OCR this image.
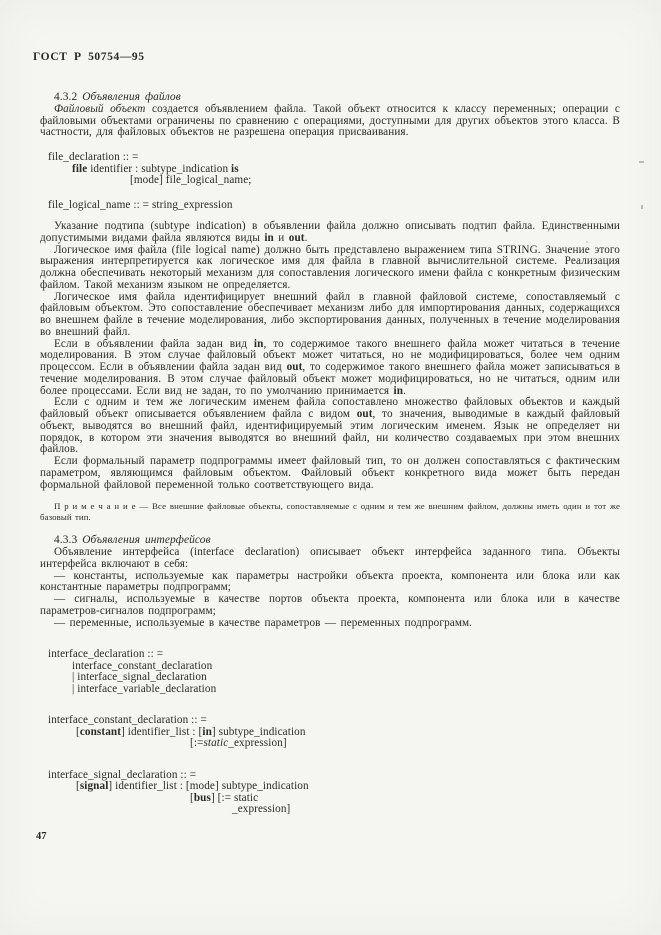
ГОСТ Р 50754—95

4.3.2 Объявления файлов

Файловый объект создается объявлением файла. Такой объект относится к классу переменных; операции с файловыми объектами ограничены по сравнению с операциями, доступными для других объектов этого класса. В частности, для файловых объектов не разрешена операция присваивания.

file_declaration :: =
file identifier : subtype_indication is
[mode] file_logical_name;
file_logical_name :: = string_expression

Указание подтипа (subtype indication) в объявлении файла должно описывать подтип файла. Единственными допустимыми видами файла являются виды in и out.

Логическое имя файла (file logical name) должно быть представлено выражением типа STRING. Значение этого выражения интерпретируется как логическое имя для файла в главной вычислительной системе. Реализация должна обеспечивать некоторый механизм для сопоставления логического имени файла с конкретным физическим файлом. Такой механизм языком не определяется.

Логическое имя файла идентифицирует внешний файл в главной файловой системе, сопоставляемый с файловым объектом. Это сопоставление обеспечивает механизм либо для импортирования данных, содержащихся во внешнем файле в течение моделирования, либо экспортирования данных, полученных в течение моделирования во внешний файл.

Если в объявлении файла задан вид in, то содержимое такого внешнего файла может читаться в течение моделирования. В этом случае файловый объект может читаться, но не модифицироваться, более чем одним процессом. Если в объявлении файла задан вид out, то содержимое такого внешнего файла может записываться в течение моделирования. В этом случае файловый объект может модифицироваться, но не читаться, одним или более процессами. Если вид не задан, то по умолчанию принимается in.

Если с одним и тем же логическим именем файла сопоставлено множество файловых объектов и каждый файловый объект описывается объявлением файла с видом out, то значения, выводимые в каждый файловый объект, выводятся во внешний файл, идентифицируемый этим логическим именем. Язык не определяет ни порядок, в котором эти значения выводятся во внешний файл, ни количество создаваемых при этом внешних файлов.

Если формальный параметр подпрограммы имеет файловый тип, то он должен сопоставляться с фактическим параметром, являющимся файловым объектом. Файловый объект конкретного вида может быть передан формальной файловой переменной только соответствующего вида.

П р и м е ч а н и е — Все внешние файловые объекты, сопоставляемые с одним и тем же внешним файлом, должны иметь один и тот же базовый тип.

4.3.3 Объявления интерфейсов

Объявление интерфейса (interface declaration) описывает объект интерфейса заданного типа. Объекты интерфейса включают в себя:

— константы, используемые как параметры настройки объекта проекта, компонента или блока или как константные параметры подпрограмм;

— сигналы, используемые в качестве портов объекта проекта, компонента или блока или в качестве параметров-сигналов подпрограмм;

— переменные, используемые в качестве параметров — переменных подпрограмм.

interface_declaration :: =
interface_constant_declaration
| interface_signal_declaration
| interface_variable_declaration
interface_constant_declaration :: =
[constant] identifier_list : [in] subtype_indication
[:=static_expression]
interface_signal_declaration :: =
[signal] identifier_list : [mode] subtype_indication
[bus] [:= static
_expression]
47
